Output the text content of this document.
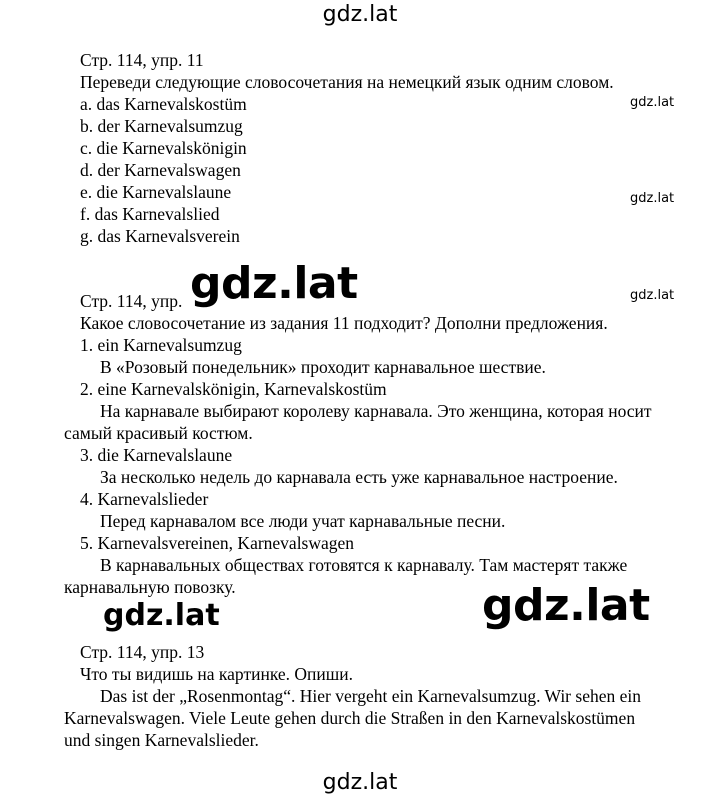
gdz.lat
gdz.lat
gdz.lat
gdz.lat
gdz.lat
gdz.lat
gdz.lat
gdz.lat
Стр. 114, упр. 11
Переведи следующие словосочетания на немецкий язык одним словом.
a. das Karnevalskostüm
b. der Karnevalsumzug
c. die Karnevalskönigin
d. der Karnevalswagen
e. die Karnevalslaune
f. das Karnevalslied
g. das Karnevalsverein
Стр. 114, упр.
Какое словосочетание из задания 11 подходит? Дополни предложения.
1. ein Karnevalsumzug
В «Розовый понедельник» проходит карнавальное шествие.
2. eine Karnevalskönigin, Karnevalskostüm
На карнавале выбирают королеву карнавала. Это женщина, которая носит
самый красивый костюм.
3. die Karnevalslaune
За несколько недель до карнавала есть уже карнавальное настроение.
4. Karnevalslieder
Перед карнавалом все люди учат карнавальные песни.
5. Karnevalsvereinen, Karnevalswagen
В карнавальных обществах готовятся к карнавалу. Там мастерят также
карнавальную повозку.
Стр. 114, упр. 13
Что ты видишь на картинке. Опиши.
Das ist der „Rosenmontag“. Hier vergeht ein Karnevalsumzug. Wir sehen ein
Karnevalswagen. Viele Leute gehen durch die Straßen in den Karnevalskostümen
und singen Karnevalslieder.
